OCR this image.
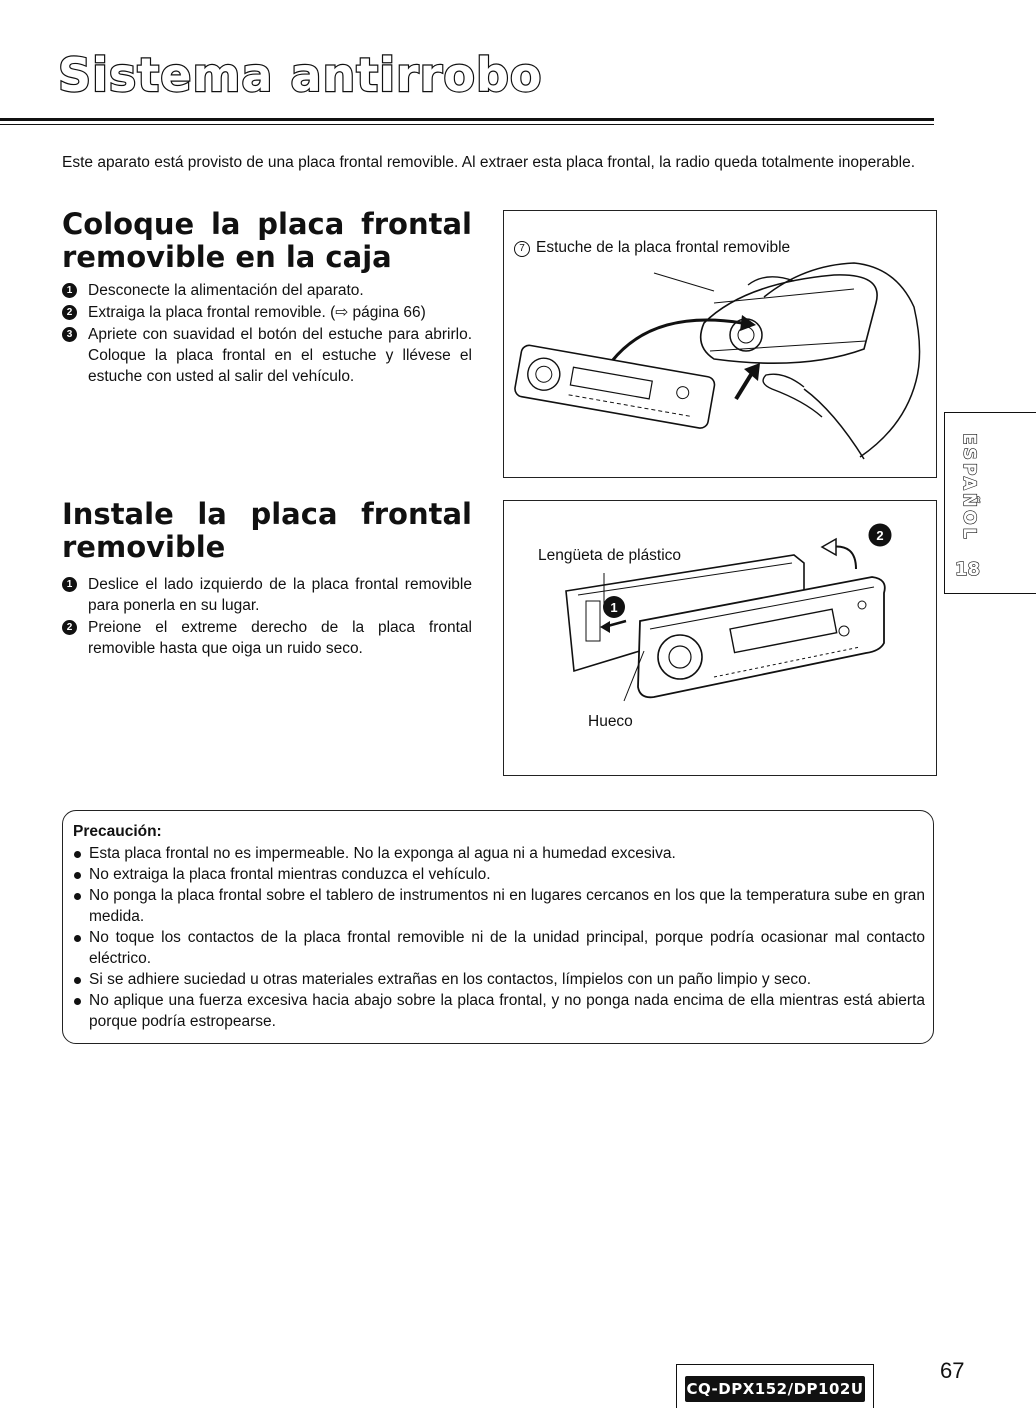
Sistema antirrobo

Este aparato está provisto de una placa frontal removible. Al extraer esta placa frontal, la radio queda totalmente inoperable.

Coloque la placa frontal removible en la caja
1	Desconecte la alimentación del aparato.
2	Extraiga la placa frontal removible. (⇨ página 66)
3	Apriete con suavidad el botón del estuche para abrirlo. Coloque la placa frontal en el estuche y llévese el estuche con usted al salir del vehículo.
7 Estuche de la placa frontal removible
Instale la placa frontal removible
1	Deslice el lado izquierdo de la placa frontal removible para ponerla en su lugar.
2	Preione el extreme derecho de la placa frontal removible hasta que oiga un ruido seco.
1
2
Lengüeta de plástico
Hueco
ESPAÑOL
18
Precaución:
Esta placa frontal no es impermeable. No la exponga al agua ni a humedad excesiva.
No extraiga la placa frontal mientras conduzca el vehículo.
No ponga la placa frontal sobre el tablero de instrumentos ni en lugares cercanos en los que la temperatura sube en gran medida.
No toque los contactos de la placa frontal removible ni de la unidad principal, porque podría ocasionar mal contacto eléctrico.
Si se adhiere suciedad u otras materiales extrañas en los contactos, límpielos con un paño limpio y seco.
No aplique una fuerza excesiva hacia abajo sobre la placa frontal, y no ponga nada encima de ella mientras está abierta porque podría estropearse.
CQ-DPX152/DP102U
67
